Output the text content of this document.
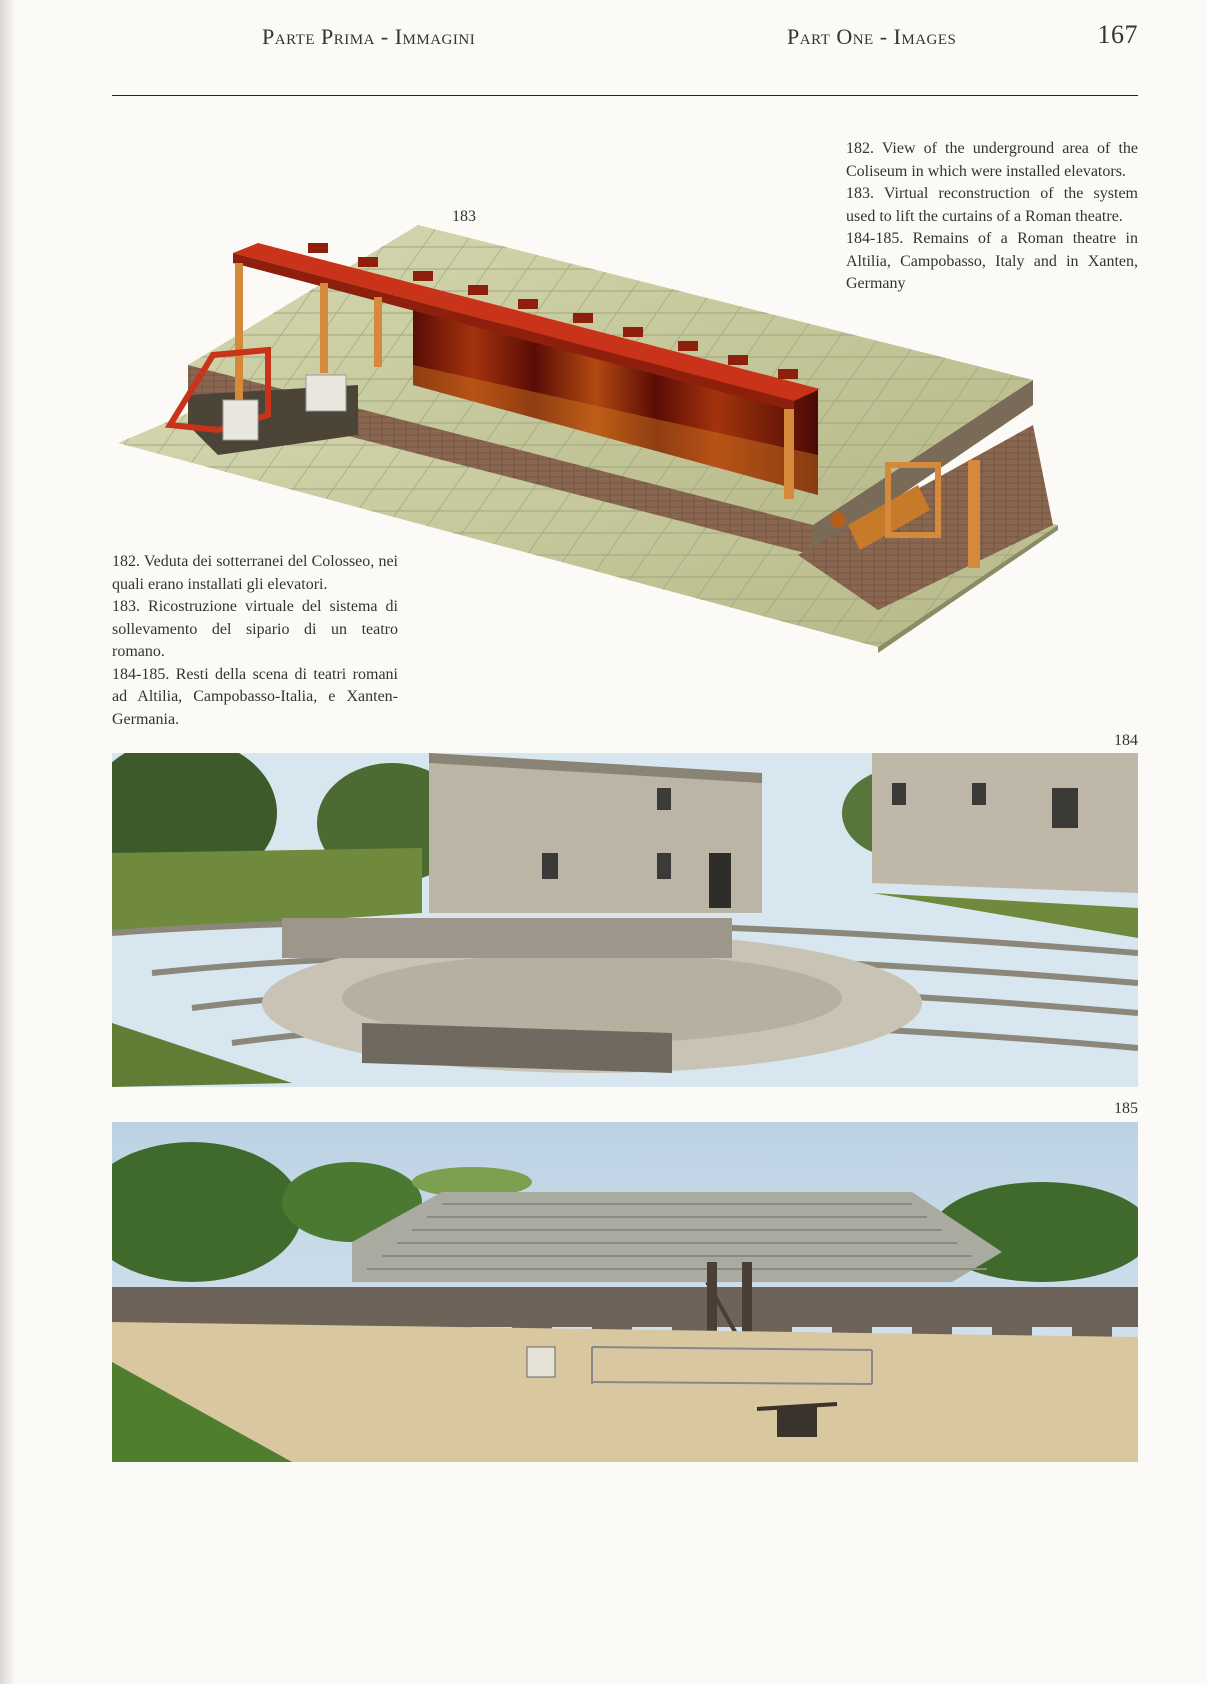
Parte Prima - Immagini	Part One - Images	167

182. View of the underground area of the Coliseum in which were installed elevators.

183. Virtual reconstruction of the system used to lift the curtains of a Roman theatre.

184-185. Remains of a Roman theatre in Altilia, Campobasso, Italy and in Xanten, Germany

183

182. Veduta dei sotterranei del Colosseo, nei quali erano installati gli elevatori.

183. Ricostruzione virtuale del sistema di sollevamento del sipario di un teatro romano.

184-185. Resti della scena di teatri romani ad Altilia, Campobasso-Italia, e Xanten- Germania.

184
185
